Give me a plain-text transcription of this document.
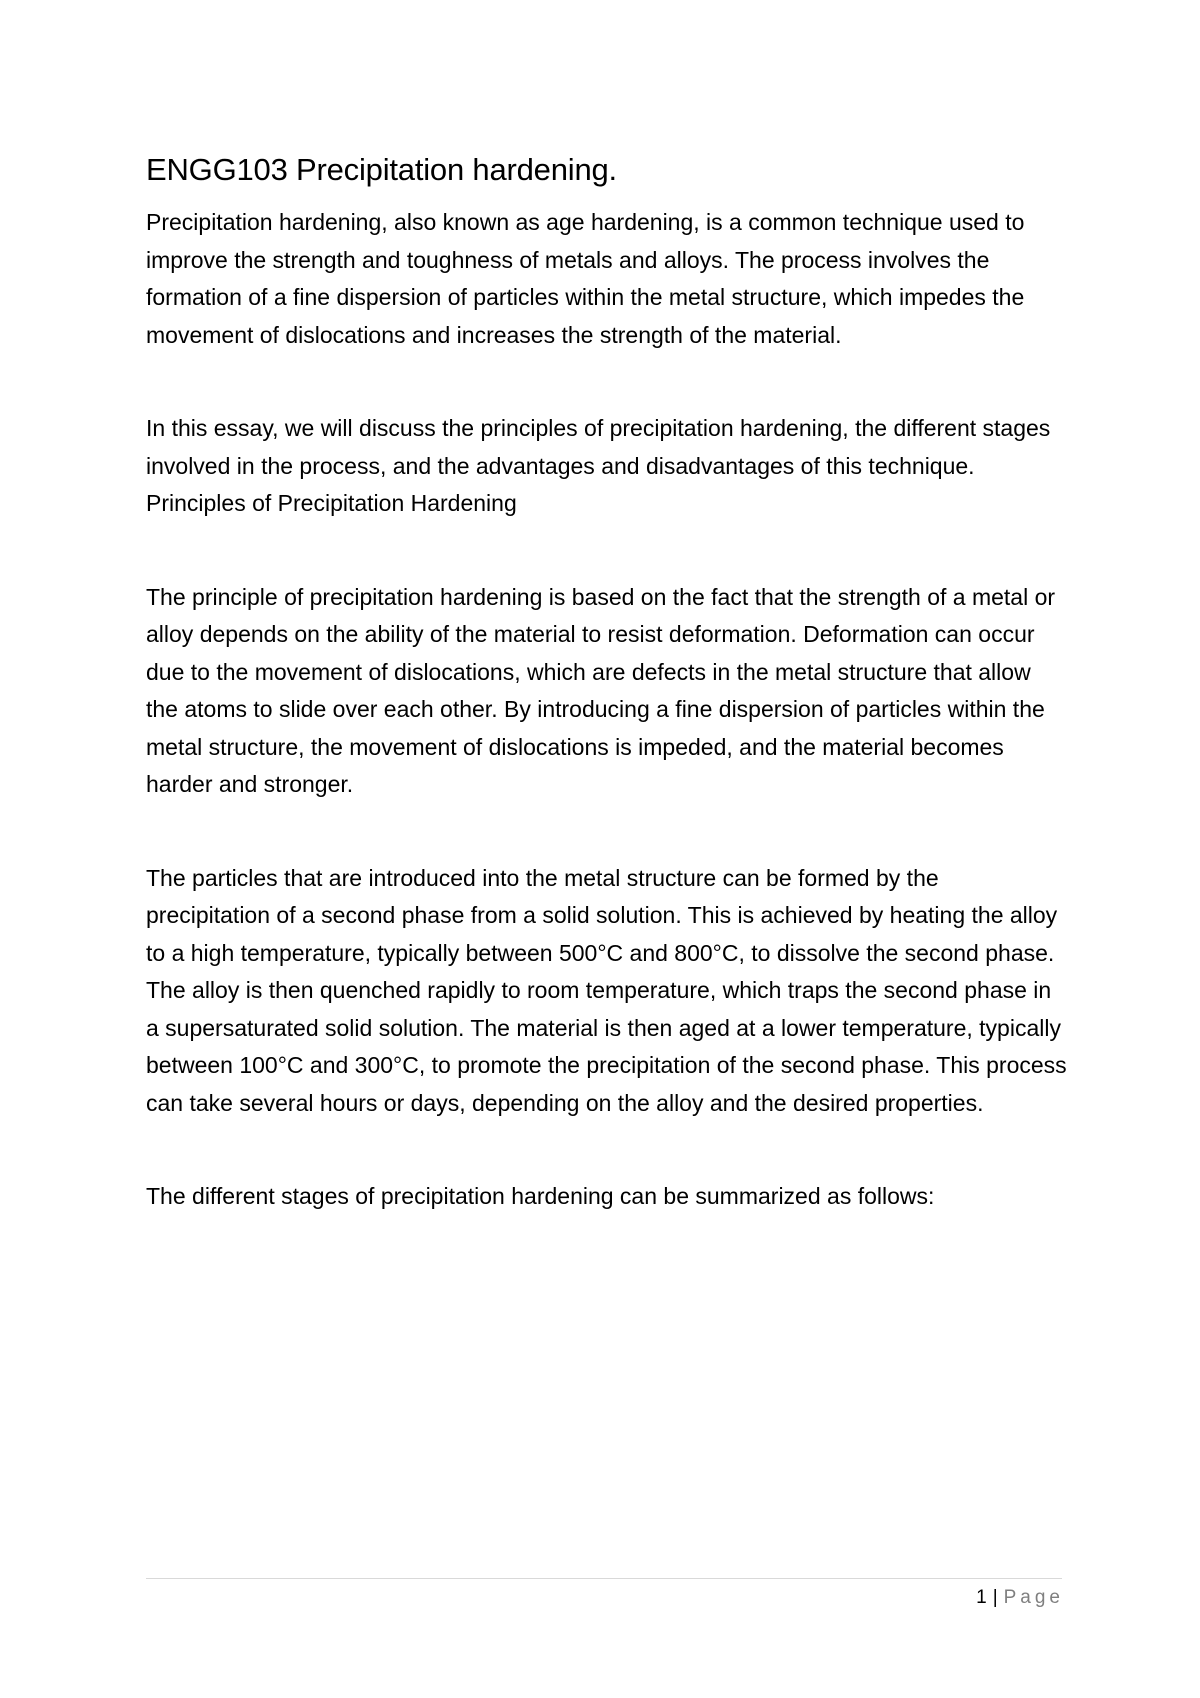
ENGG103 Precipitation hardening.

Precipitation hardening, also known as age hardening, is a common technique used to improve the strength and toughness of metals and alloys. The process involves the formation of a fine dispersion of particles within the metal structure, which impedes the movement of dislocations and increases the strength of the material.

In this essay, we will discuss the principles of precipitation hardening, the different stages involved in the process, and the advantages and disadvantages of this technique.

Principles of Precipitation Hardening

The principle of precipitation hardening is based on the fact that the strength of a metal or alloy depends on the ability of the material to resist deformation. Deformation can occur due to the movement of dislocations, which are defects in the metal structure that allow the atoms to slide over each other. By introducing a fine dispersion of particles within the metal structure, the movement of dislocations is impeded, and the material becomes harder and stronger.

The particles that are introduced into the metal structure can be formed by the precipitation of a second phase from a solid solution. This is achieved by heating the alloy to a high temperature, typically between 500°C and 800°C, to dissolve the second phase. The alloy is then quenched rapidly to room temperature, which traps the second phase in a supersaturated solid solution. The material is then aged at a lower temperature, typically between 100°C and 300°C, to promote the precipitation of the second phase. This process can take several hours or days, depending on the alloy and the desired properties.

The different stages of precipitation hardening can be summarized as follows:

1 | Page
